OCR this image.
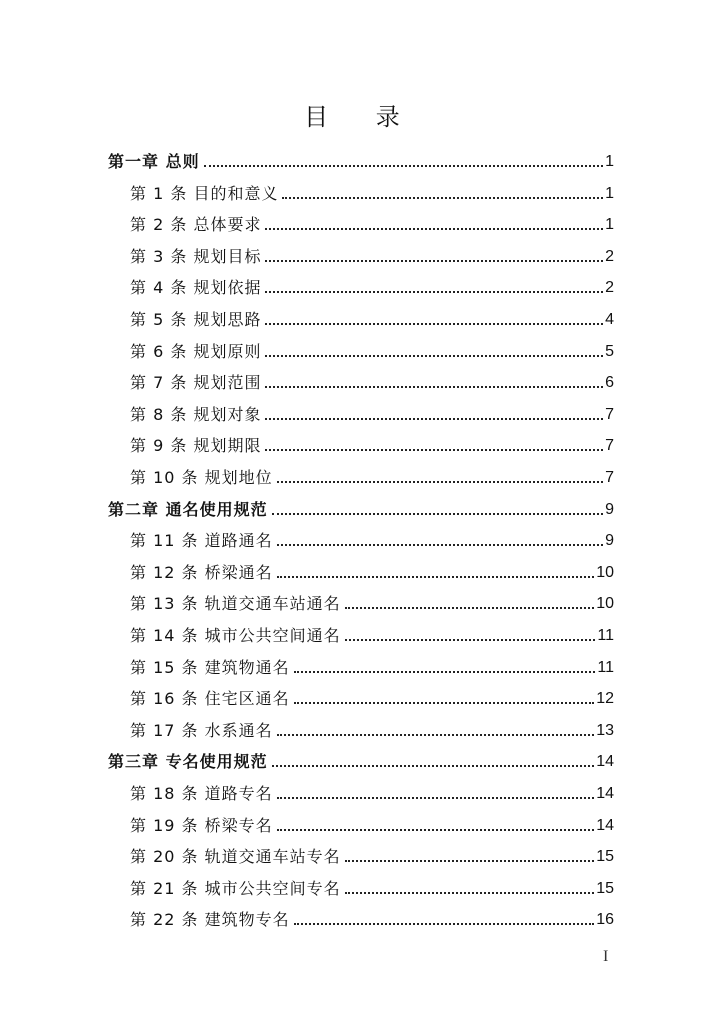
目 录
第一章 总则	1
第 1 条 目的和意义	1
第 2 条 总体要求	1
第 3 条 规划目标	2
第 4 条 规划依据	2
第 5 条 规划思路	4
第 6 条 规划原则	5
第 7 条 规划范围	6
第 8 条 规划对象	7
第 9 条 规划期限	7
第 10 条 规划地位	7
第二章 通名使用规范	9
第 11 条 道路通名	9
第 12 条 桥梁通名	10
第 13 条 轨道交通车站通名	10
第 14 条 城市公共空间通名	11
第 15 条 建筑物通名	11
第 16 条 住宅区通名	12
第 17 条 水系通名	13
第三章 专名使用规范	14
第 18 条 道路专名	14
第 19 条 桥梁专名	14
第 20 条 轨道交通车站专名	15
第 21 条 城市公共空间专名	15
第 22 条 建筑物专名	16
I
